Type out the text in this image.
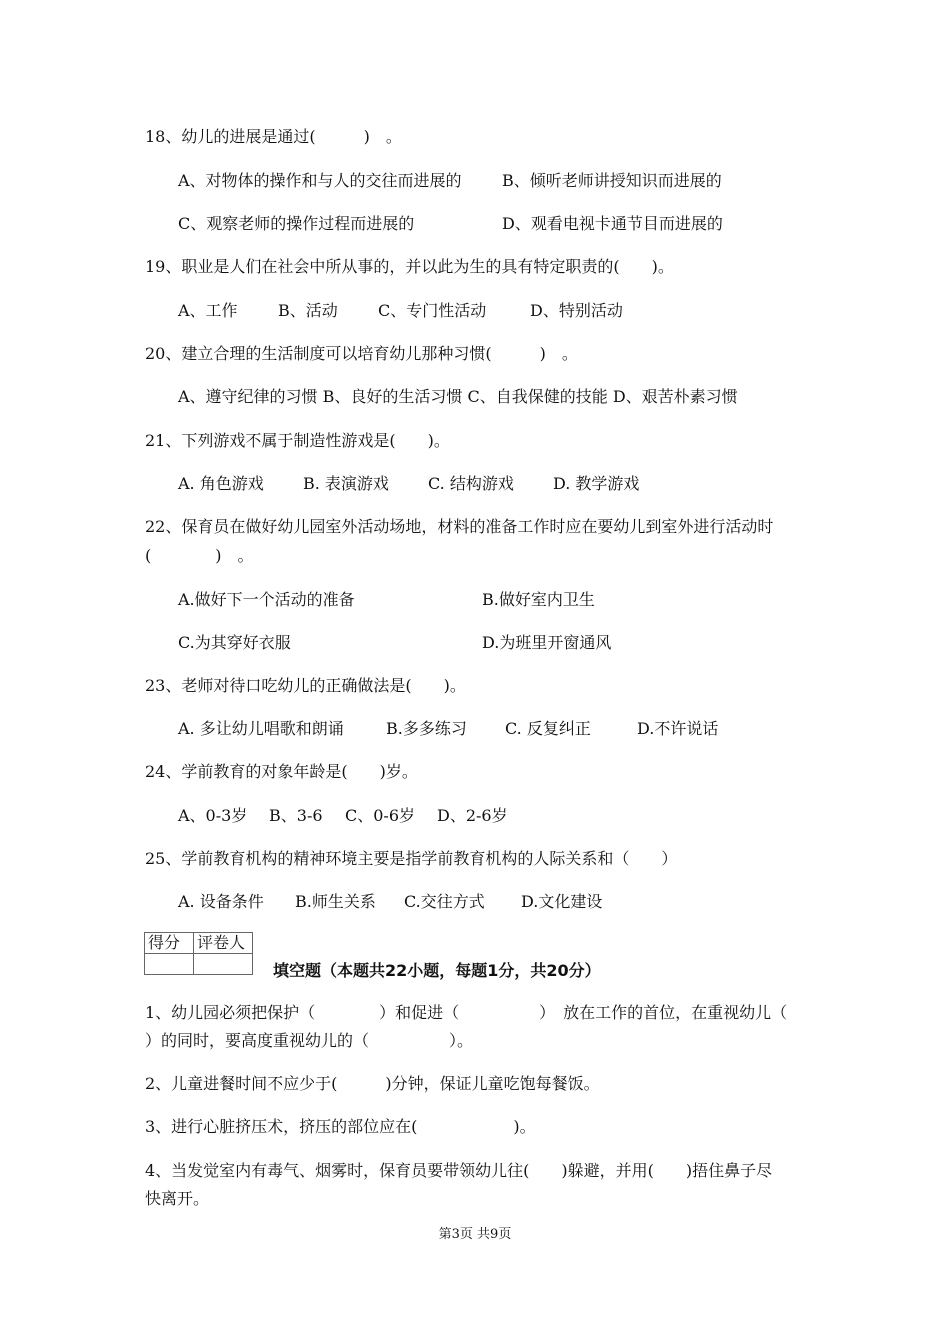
18、幼儿的进展是通过(　　　)　。
A、对物体的操作和与人的交往而进展的	B、倾听老师讲授知识而进展的
C、观察老师的操作过程而进展的	D、观看电视卡通节目而进展的
19、职业是人们在社会中所从事的，并以此为生的具有特定职责的(　　)。
A、工作	B、活动	C、专门性活动	D、特别活动
20、建立合理的生活制度可以培育幼儿那种习惯(　　　)　。
A、遵守纪律的习惯 B、良好的生活习惯 C、自我保健的技能 D、艰苦朴素习惯
21、下列游戏不属于制造性游戏是(　　)。
A. 角色游戏 B. 表演游戏 C. 结构游戏 D. 教学游戏
22、保育员在做好幼儿园室外活动场地，材料的准备工作时应在要幼儿到室外进行活动时
(　　　　)　。
A.做好下一个活动的准备	B.做好室内卫生
C.为其穿好衣服	D.为班里开窗通风
23、老师对待口吃幼儿的正确做法是(　　)。
A. 多让幼儿唱歌和朗诵	B.多多练习 C. 反复纠正	D.不许说话
24、学前教育的对象年龄是(　　)岁。
A、0-3岁 B、3-6 C、0-6岁 D、2-6岁
25、学前教育机构的精神环境主要是指学前教育机构的人际关系和（　　）
A. 设备条件 B.师生关系 C.交往方式 D.文化建设
得分	评卷人

填空题（本题共22小题，每题1分，共20分）
1、幼儿园必须把保护（　　　　）和促进（　　　　　）　放在工作的首位，在重视幼儿（
）的同时，要高度重视幼儿的（　　　　　）。
2、儿童进餐时间不应少于(　　　)分钟，保证儿童吃饱每餐饭。
3、进行心脏挤压术，挤压的部位应在(　　　　　　)。
4、当发觉室内有毒气、烟雾时，保育员要带领幼儿往(　　)躲避，并用(　　)捂住鼻子尽
快离开。
第3页 共9页
